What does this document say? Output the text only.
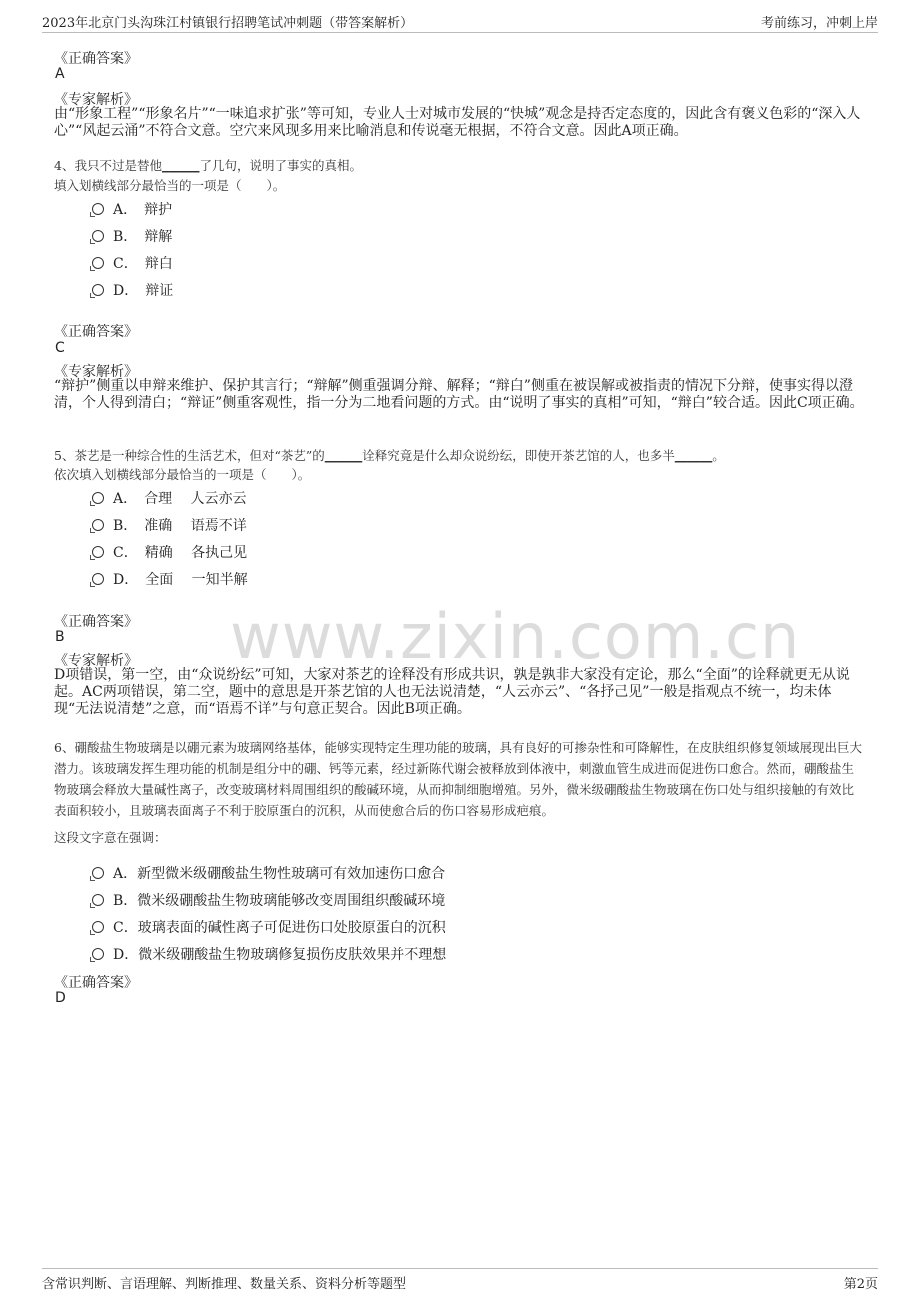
2023年北京门头沟珠江村镇银行招聘笔试冲刺题（带答案解析）	考前练习，冲刺上岸
www.zixin.com.cn
《正确答案》
A
《专家解析》
由“形象工程”“形象名片”“一味追求扩张”等可知，专业人士对城市发展的“快城”观念是持否定态度的，因此含有褒义色彩的“深入人心”“风起云涌”不符合文意。空穴来风现多用来比喻消息和传说毫无根据，不符合文意。因此A项正确。
4、我只不过是替他______了几句，说明了事实的真相。
填入划横线部分最恰当的一项是（　　）。
A．　辩护
B．　辩解
C．　辩白
D．　辩证
《正确答案》
C
《专家解析》
“辩护”侧重以申辩来维护、保护其言行；“辩解”侧重强调分辩、解释；“辩白”侧重在被误解或被指责的情况下分辩，使事实得以澄清，个人得到清白；“辩证”侧重客观性，指一分为二地看问题的方式。由“说明了事实的真相”可知，“辩白”较合适。因此C项正确。
5、茶艺是一种综合性的生活艺术，但对“茶艺”的______诠释究竟是什么却众说纷纭，即使开茶艺馆的人，也多半______。
依次填入划横线部分最恰当的一项是（　　）。
A．　合理　 人云亦云
B．　准确　 语焉不详
C．　精确　 各执己见
D．　全面　 一知半解
《正确答案》
B
《专家解析》
D项错误，第一空，由“众说纷纭”可知，大家对茶艺的诠释没有形成共识，孰是孰非大家没有定论，那么“全面”的诠释就更无从说起。AC两项错误，第二空，题中的意思是开茶艺馆的人也无法说清楚，“人云亦云”、“各抒己见”一般是指观点不统一，均未体现“无法说清楚”之意，而“语焉不详”与句意正契合。因此B项正确。
6、硼酸盐生物玻璃是以硼元素为玻璃网络基体，能够实现特定生理功能的玻璃，具有良好的可掺杂性和可降解性，在皮肤组织修复领域展现出巨大潜力。该玻璃发挥生理功能的机制是组分中的硼、钙等元素，经过新陈代谢会被释放到体液中，刺激血管生成进而促进伤口愈合。然而，硼酸盐生物玻璃会释放大量碱性离子，改变玻璃材料周围组织的酸碱环境，从而抑制细胞增殖。另外，微米级硼酸盐生物玻璃在伤口处与组织接触的有效比表面积较小，且玻璃表面离子不利于胶原蛋白的沉积，从而使愈合后的伤口容易形成疤痕。
这段文字意在强调：
A．新型微米级硼酸盐生物性玻璃可有效加速伤口愈合
B．微米级硼酸盐生物玻璃能够改变周围组织酸碱环境
C．玻璃表面的碱性离子可促进伤口处胶原蛋白的沉积
D．微米级硼酸盐生物玻璃修复损伤皮肤效果并不理想
《正确答案》
D
含常识判断、言语理解、判断推理、数量关系、资料分析等题型	第2页
